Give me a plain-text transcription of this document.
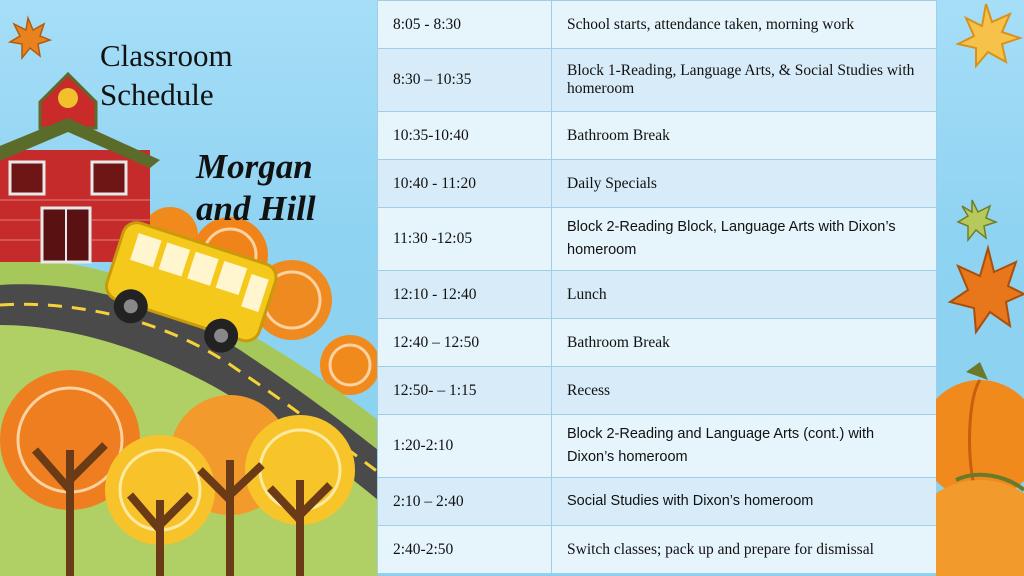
Classroom
Schedule
Morgan
and Hill
8:05 - 8:30	School starts, attendance taken, morning work
8:30 – 10:35	Block 1-Reading, Language Arts, & Social Studies with homeroom
10:35-10:40	Bathroom Break
10:40 - 11:20	Daily Specials
11:30 -12:05	Block 2-Reading Block, Language Arts with Dixon’s homeroom
12:10 - 12:40	Lunch
12:40 – 12:50	Bathroom Break
12:50- – 1:15	Recess
1:20-2:10	Block 2-Reading and Language Arts (cont.) with Dixon’s homeroom
2:10 – 2:40	Social Studies with Dixon’s homeroom
2:40-2:50	Switch classes; pack up and prepare for dismissal
